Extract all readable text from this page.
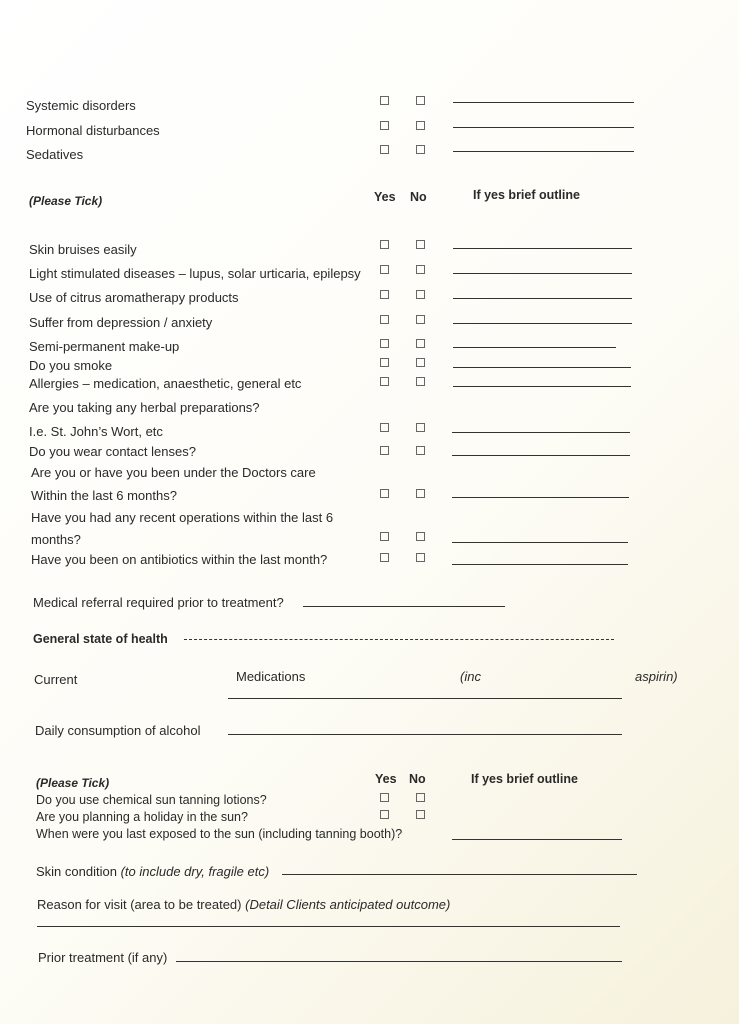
Systemic disorders
Hormonal disturbances
Sedatives
(Please Tick)	Yes No	If yes brief outline
Skin bruises easily
Light stimulated diseases – lupus, solar urticaria, epilepsy
Use of citrus aromatherapy products
Suffer from depression / anxiety
Semi-permanent make-up
Do you smoke
Allergies – medication, anaesthetic, general etc
Are you taking any herbal preparations?
I.e. St. John’s Wort, etc
Do you wear contact lenses?
Are you or have you been under the Doctors care
Within the last 6 months?
Have you had any recent operations within the last 6
months?
Have you been on antibiotics within the last month?
Medical referral required prior to treatment?
General state of health
Current	Medications	(inc	aspirin)
Daily consumption of alcohol
(Please Tick)	Yes No	If yes brief outline
Do you use chemical sun tanning lotions?
Are you planning a holiday in the sun?
When were you last exposed to the sun (including tanning booth)?
Skin condition (to include dry, fragile etc)
Reason for visit (area to be treated) (Detail Clients anticipated outcome)
Prior treatment (if any)
